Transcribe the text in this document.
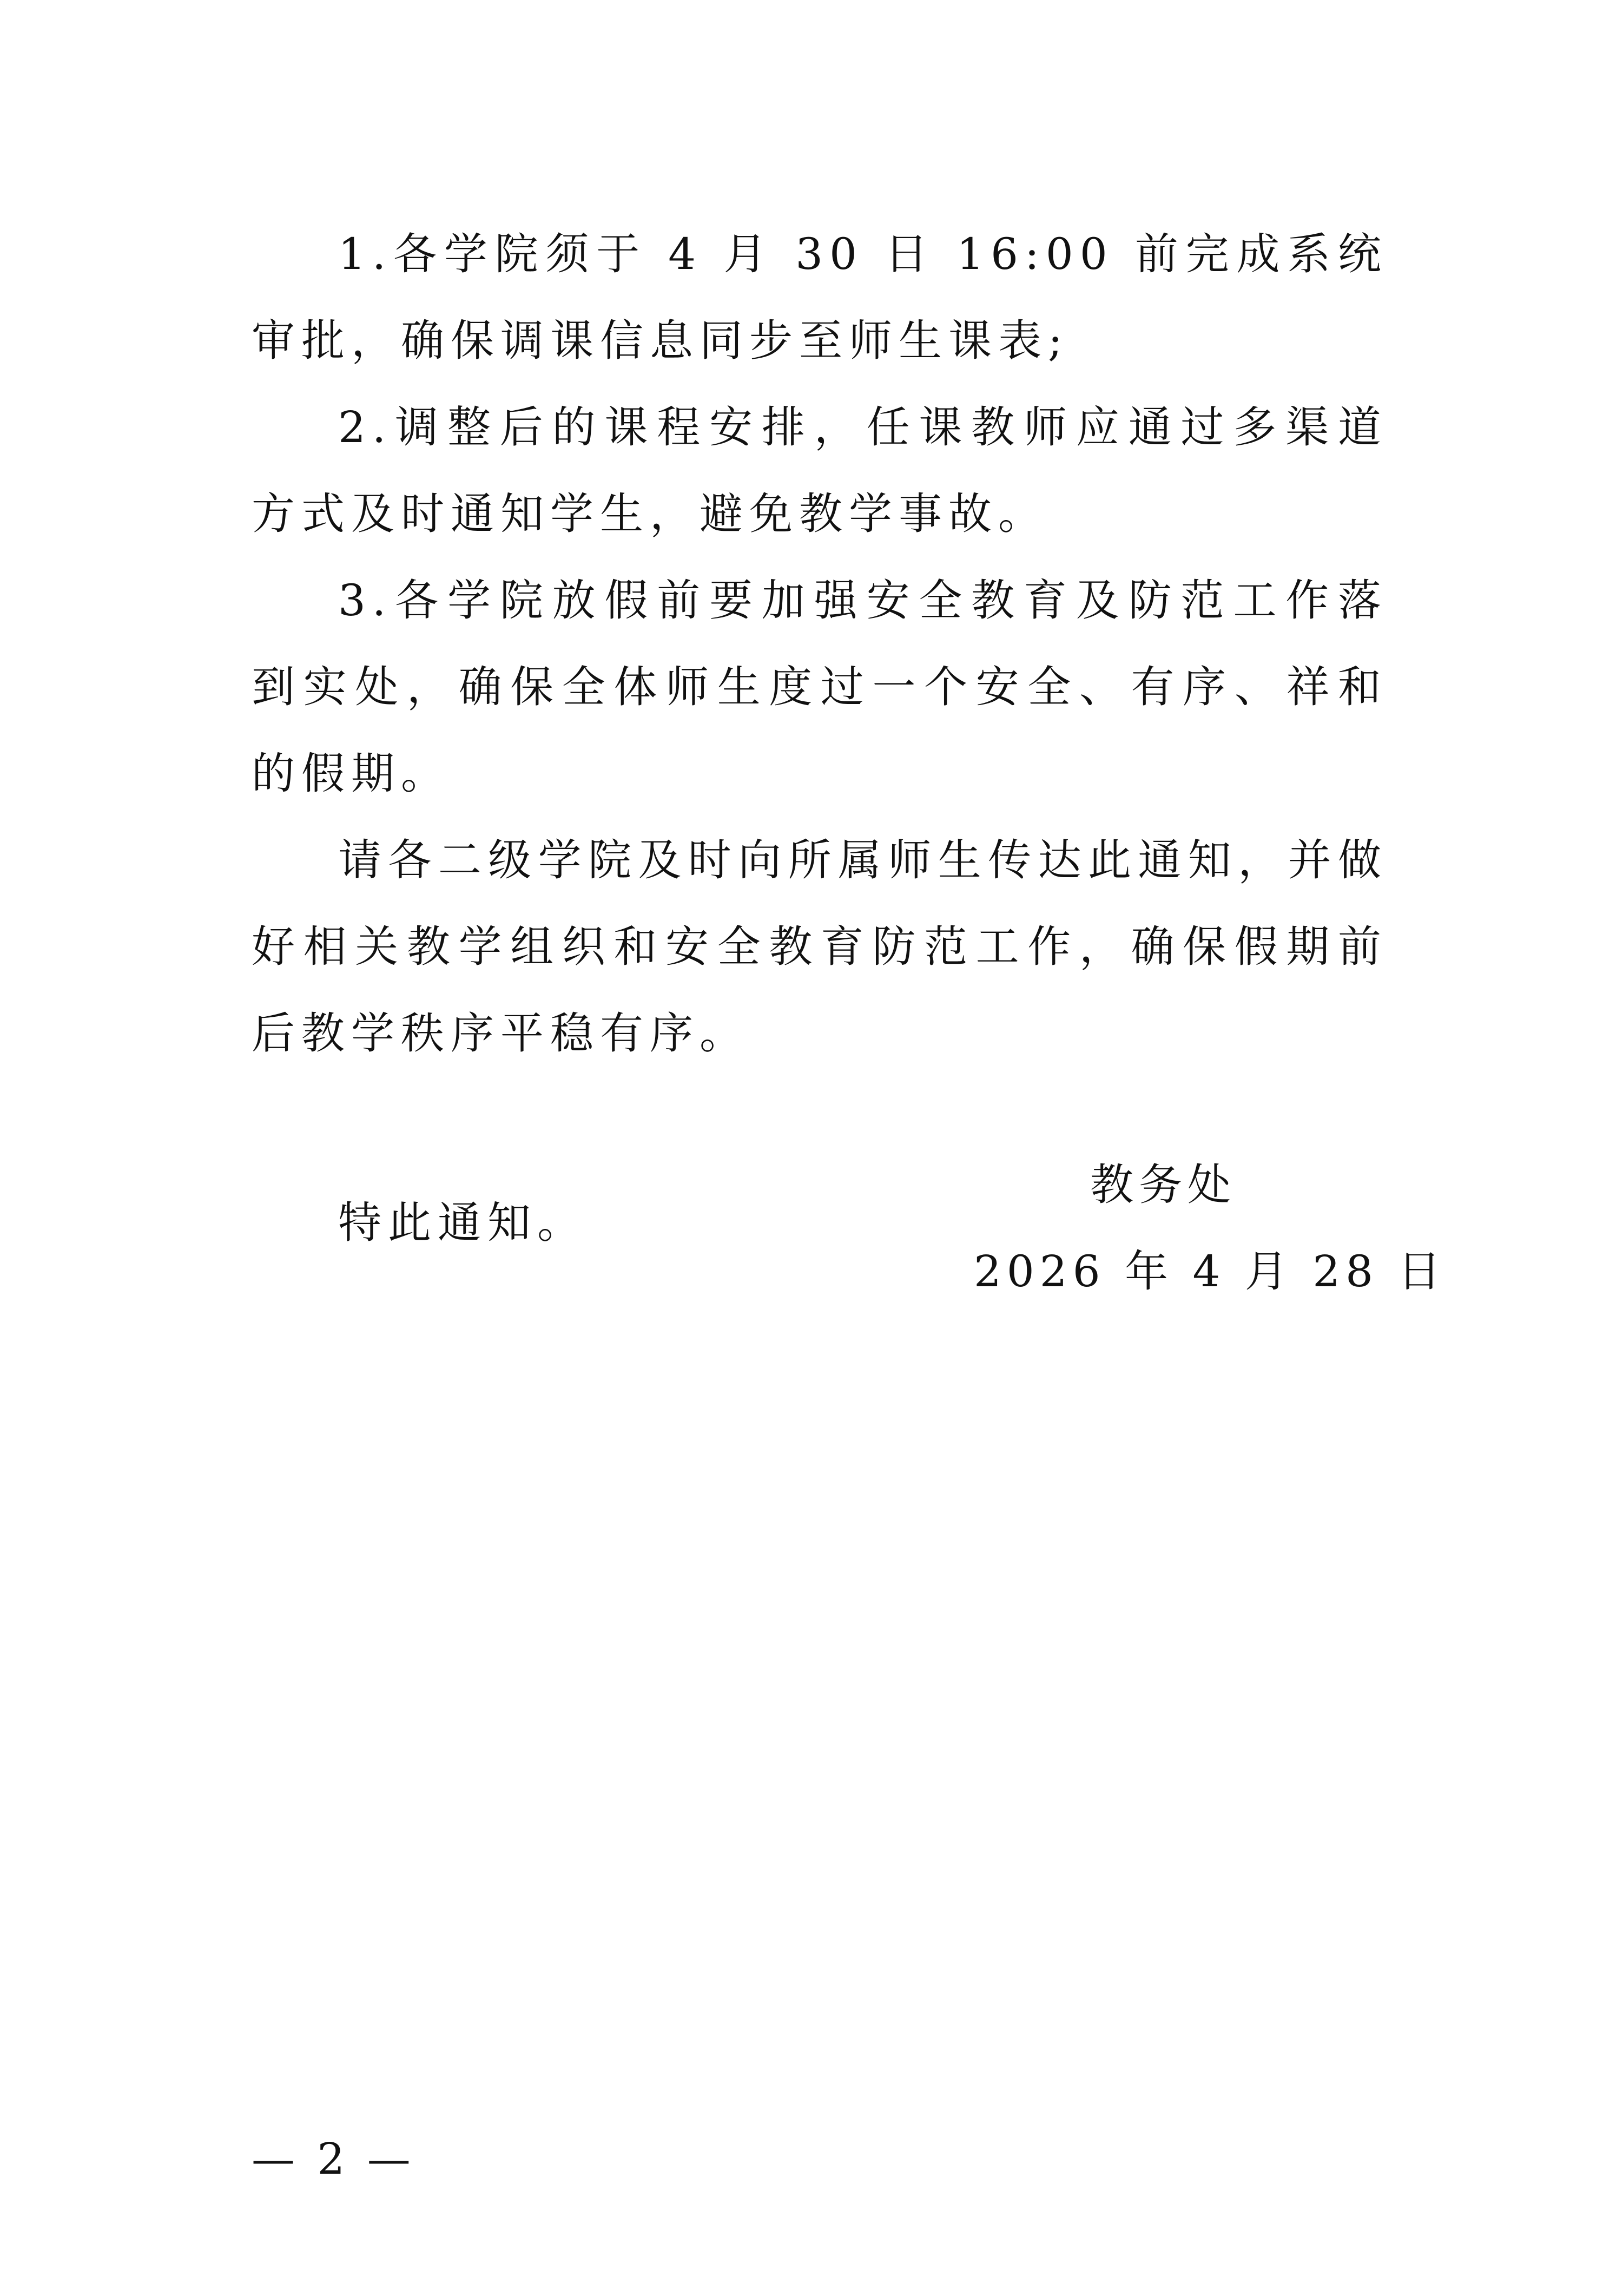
1.各学院须于 4 月 30 日 16:00 前完成系统审批，确保调课信息同步至师生课表;

2.调整后的课程安排，任课教师应通过多渠道方式及时通知学生，避免教学事故。

3.各学院放假前要加强安全教育及防范工作落到实处，确保全体师生度过一个安全、有序、祥和的假期。

请各二级学院及时向所属师生传达此通知，并做好相关教学组织和安全教育防范工作，确保假期前后教学秩序平稳有序。

特此通知。

教务处
2026 年 4 月 28 日
— 2 —
